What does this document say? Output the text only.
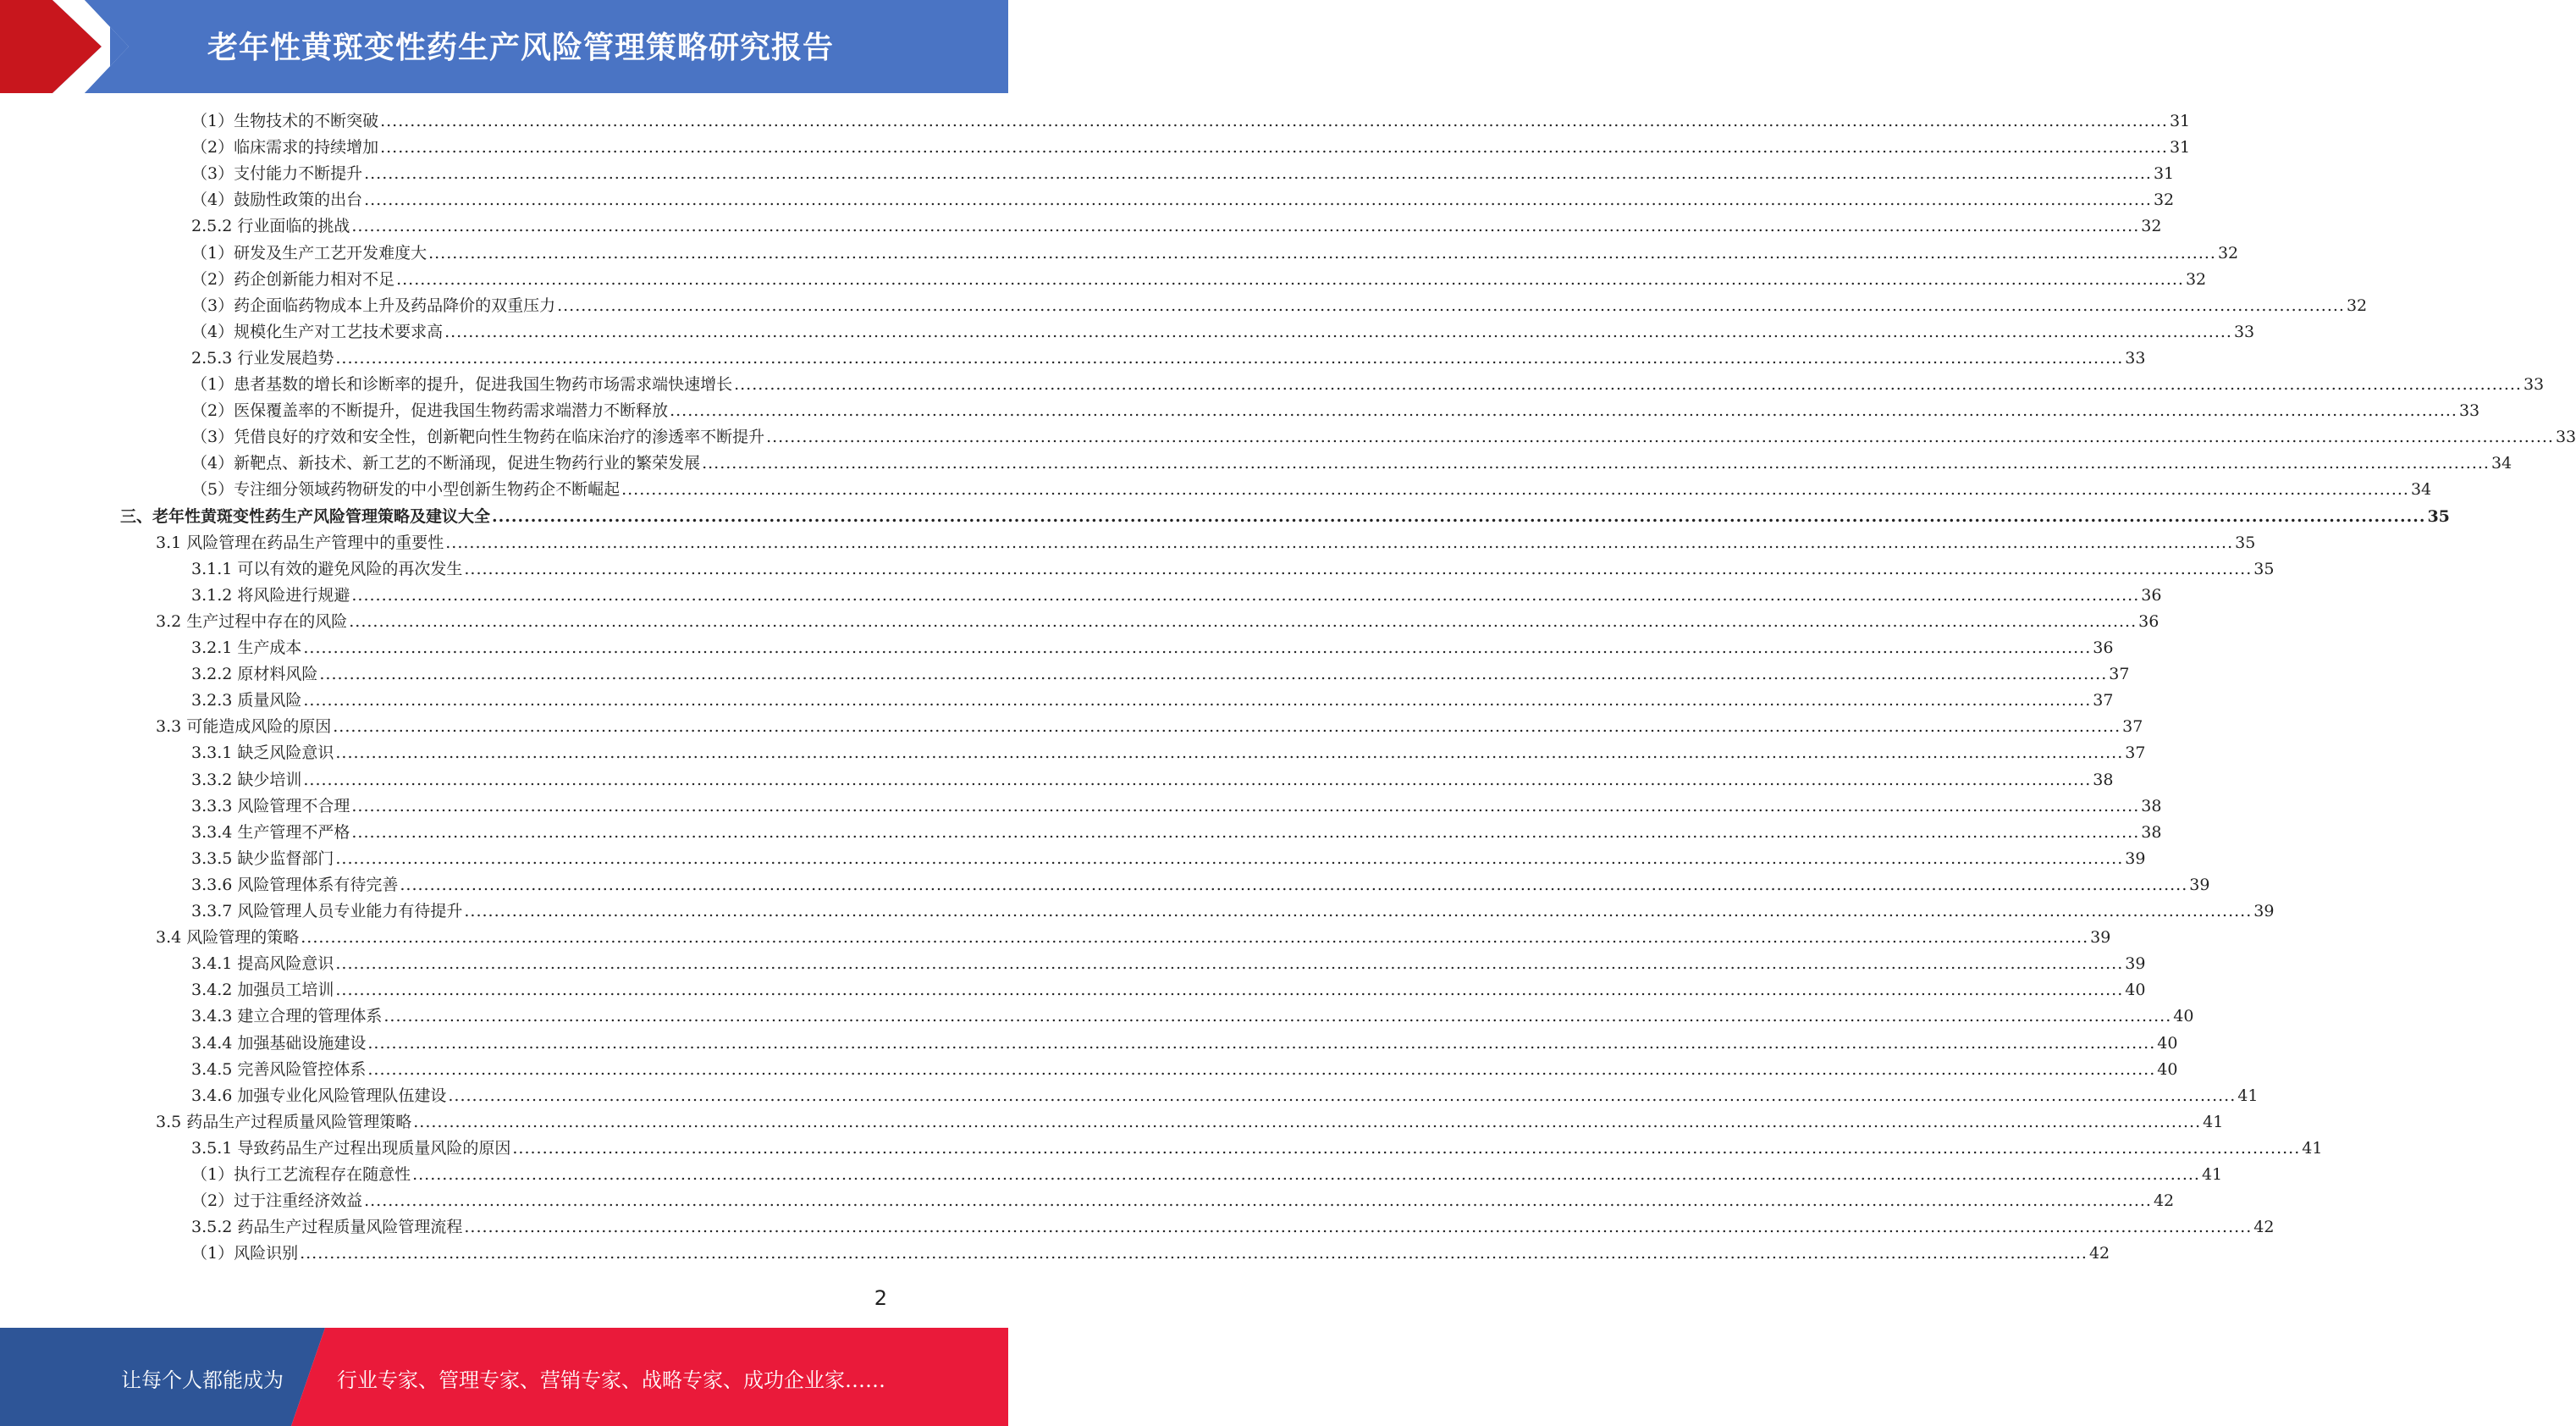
老年性黄斑变性药生产风险管理策略研究报告
（1）生物技术的不断突破 ............................................................................................................................................................................................................................................................................................................ 31
（2）临床需求的持续增加 ............................................................................................................................................................................................................................................................................................................ 31
（3）支付能力不断提升 ............................................................................................................................................................................................................................................................................................................ 31
（4）鼓励性政策的出台 ............................................................................................................................................................................................................................................................................................................ 32
2.5.2 行业面临的挑战 ............................................................................................................................................................................................................................................................................................................ 32
（1）研发及生产工艺开发难度大 ............................................................................................................................................................................................................................................................................................................ 32
（2）药企创新能力相对不足 ............................................................................................................................................................................................................................................................................................................ 32
（3）药企面临药物成本上升及药品降价的双重压力 ............................................................................................................................................................................................................................................................................................................ 32
（4）规模化生产对工艺技术要求高 ............................................................................................................................................................................................................................................................................................................ 33
2.5.3 行业发展趋势 ............................................................................................................................................................................................................................................................................................................ 33
（1）患者基数的增长和诊断率的提升，促进我国生物药市场需求端快速增长 ............................................................................................................................................................................................................................................................................................................ 33
（2）医保覆盖率的不断提升，促进我国生物药需求端潜力不断释放 ............................................................................................................................................................................................................................................................................................................ 33
（3）凭借良好的疗效和安全性，创新靶向性生物药在临床治疗的渗透率不断提升 ............................................................................................................................................................................................................................................................................................................ 33
（4）新靶点、新技术、新工艺的不断涌现，促进生物药行业的繁荣发展 ............................................................................................................................................................................................................................................................................................................ 34
（5）专注细分领域药物研发的中小型创新生物药企不断崛起 ............................................................................................................................................................................................................................................................................................................ 34
三、老年性黄斑变性药生产风险管理策略及建议大全 ............................................................................................................................................................................................................................................................................................................ 35
3.1 风险管理在药品生产管理中的重要性 ............................................................................................................................................................................................................................................................................................................ 35
3.1.1 可以有效的避免风险的再次发生 ............................................................................................................................................................................................................................................................................................................ 35
3.1.2 将风险进行规避 ............................................................................................................................................................................................................................................................................................................ 36
3.2 生产过程中存在的风险 ............................................................................................................................................................................................................................................................................................................ 36
3.2.1 生产成本 ............................................................................................................................................................................................................................................................................................................ 36
3.2.2 原材料风险 ............................................................................................................................................................................................................................................................................................................ 37
3.2.3 质量风险 ............................................................................................................................................................................................................................................................................................................ 37
3.3 可能造成风险的原因 ............................................................................................................................................................................................................................................................................................................ 37
3.3.1 缺乏风险意识 ............................................................................................................................................................................................................................................................................................................ 37
3.3.2 缺少培训 ............................................................................................................................................................................................................................................................................................................ 38
3.3.3 风险管理不合理 ............................................................................................................................................................................................................................................................................................................ 38
3.3.4 生产管理不严格 ............................................................................................................................................................................................................................................................................................................ 38
3.3.5 缺少监督部门 ............................................................................................................................................................................................................................................................................................................ 39
3.3.6 风险管理体系有待完善 ............................................................................................................................................................................................................................................................................................................ 39
3.3.7 风险管理人员专业能力有待提升 ............................................................................................................................................................................................................................................................................................................ 39
3.4 风险管理的策略 ............................................................................................................................................................................................................................................................................................................ 39
3.4.1 提高风险意识 ............................................................................................................................................................................................................................................................................................................ 39
3.4.2 加强员工培训 ............................................................................................................................................................................................................................................................................................................ 40
3.4.3 建立合理的管理体系 ............................................................................................................................................................................................................................................................................................................ 40
3.4.4 加强基础设施建设 ............................................................................................................................................................................................................................................................................................................ 40
3.4.5 完善风险管控体系 ............................................................................................................................................................................................................................................................................................................ 40
3.4.6 加强专业化风险管理队伍建设 ............................................................................................................................................................................................................................................................................................................ 41
3.5 药品生产过程质量风险管理策略 ............................................................................................................................................................................................................................................................................................................ 41
3.5.1 导致药品生产过程出现质量风险的原因 ............................................................................................................................................................................................................................................................................................................ 41
（1）执行工艺流程存在随意性 ............................................................................................................................................................................................................................................................................................................ 41
（2）过于注重经济效益 ............................................................................................................................................................................................................................................................................................................ 42
3.5.2 药品生产过程质量风险管理流程 ............................................................................................................................................................................................................................................................................................................ 42
（1）风险识别 ............................................................................................................................................................................................................................................................................................................ 42
2
让每个人都能成为	行业专家、管理专家、营销专家、战略专家、成功企业家……
